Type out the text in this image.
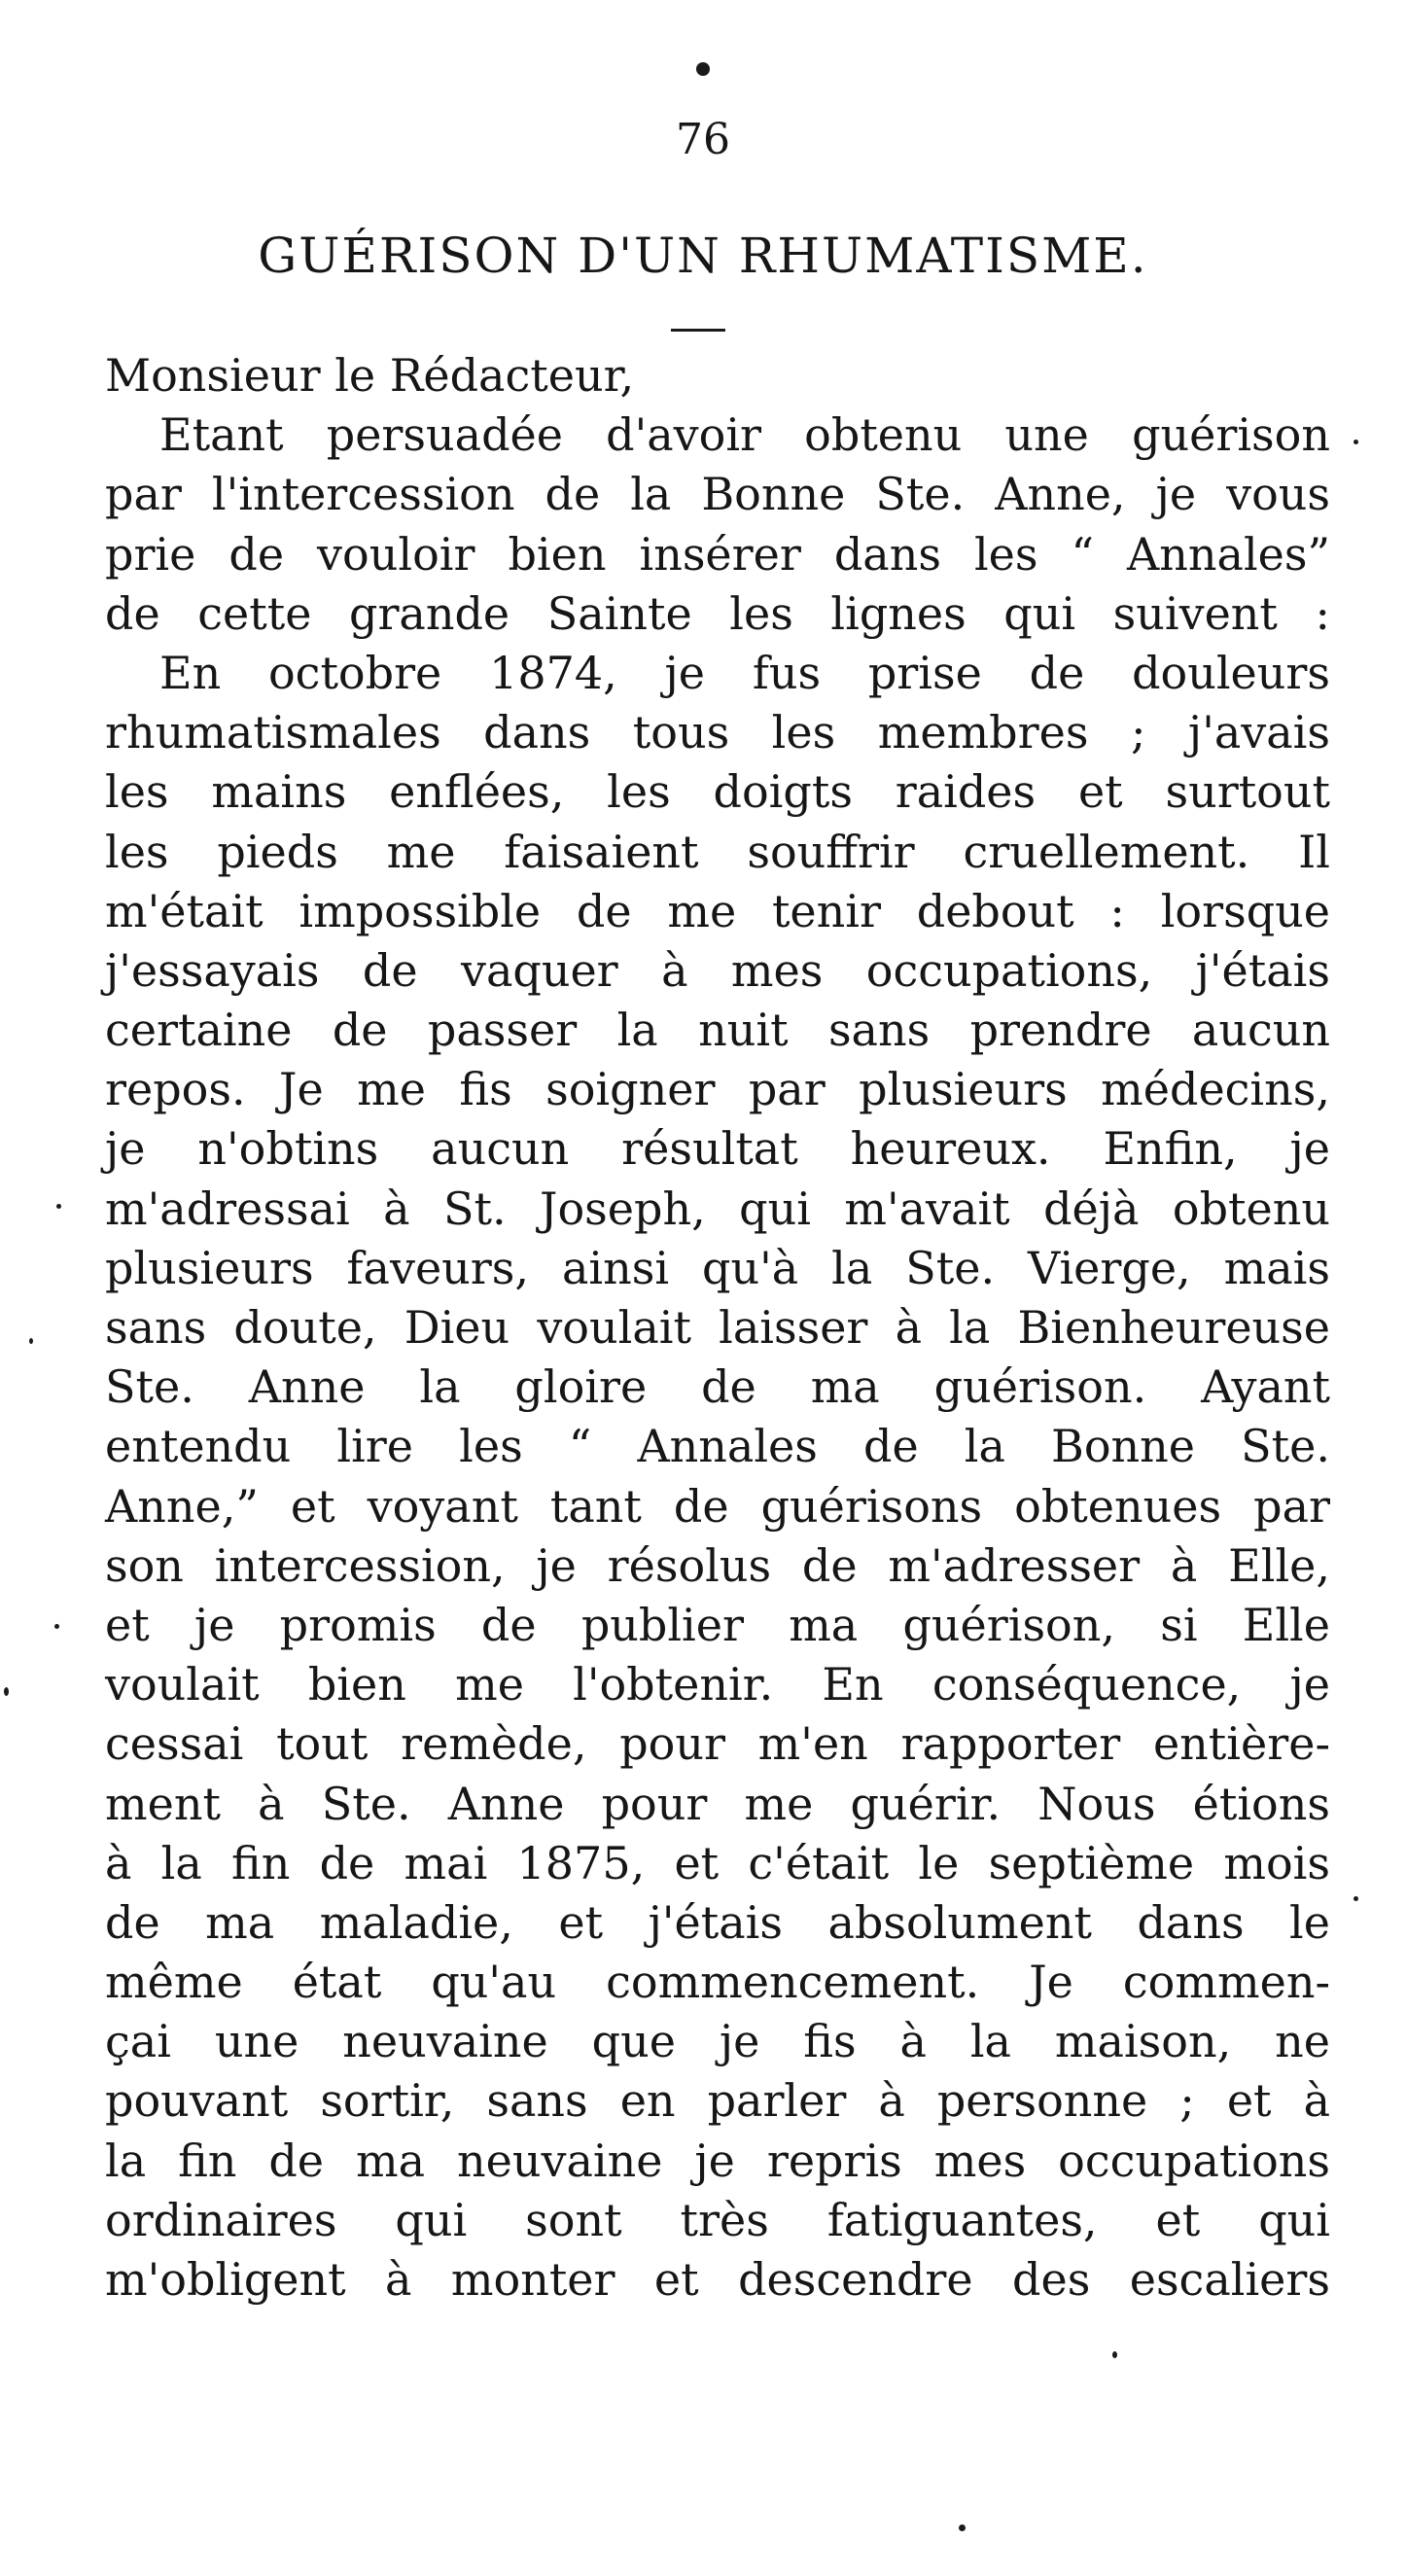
76
GUÉRISON D'UN RHUMATISME.
Monsieur le Rédacteur,
Etant persuadée d'avoir obtenu une guérison
par l'intercession de la Bonne Ste. Anne, je vous
prie de vouloir bien insérer dans les “ Annales”
de cette grande Sainte les lignes qui suivent :
En octobre 1874, je fus prise de douleurs
rhumatismales dans tous les membres ; j'avais
les mains enflées, les doigts raides et surtout
les pieds me faisaient souffrir cruellement. Il
m'était impossible de me tenir debout : lorsque
j'essayais de vaquer à mes occupations, j'étais
certaine de passer la nuit sans prendre aucun
repos. Je me fis soigner par plusieurs médecins,
je n'obtins aucun résultat heureux. Enfin, je
m'adressai à St. Joseph, qui m'avait déjà obtenu
plusieurs faveurs, ainsi qu'à la Ste. Vierge, mais
sans doute, Dieu voulait laisser à la Bienheureuse
Ste. Anne la gloire de ma guérison. Ayant
entendu lire les “ Annales de la Bonne Ste.
Anne,” et voyant tant de guérisons obtenues par
son intercession, je résolus de m'adresser à Elle,
et je promis de publier ma guérison, si Elle
voulait bien me l'obtenir. En conséquence, je
cessai tout remède, pour m'en rapporter entière-
ment à Ste. Anne pour me guérir. Nous étions
à la fin de mai 1875, et c'était le septième mois
de ma maladie, et j'étais absolument dans le
même état qu'au commencement. Je commen-
çai une neuvaine que je fis à la maison, ne
pouvant sortir, sans en parler à personne ; et à
la fin de ma neuvaine je repris mes occupations
ordinaires qui sont très fatiguantes, et qui
m'obligent à monter et descendre des escaliers
